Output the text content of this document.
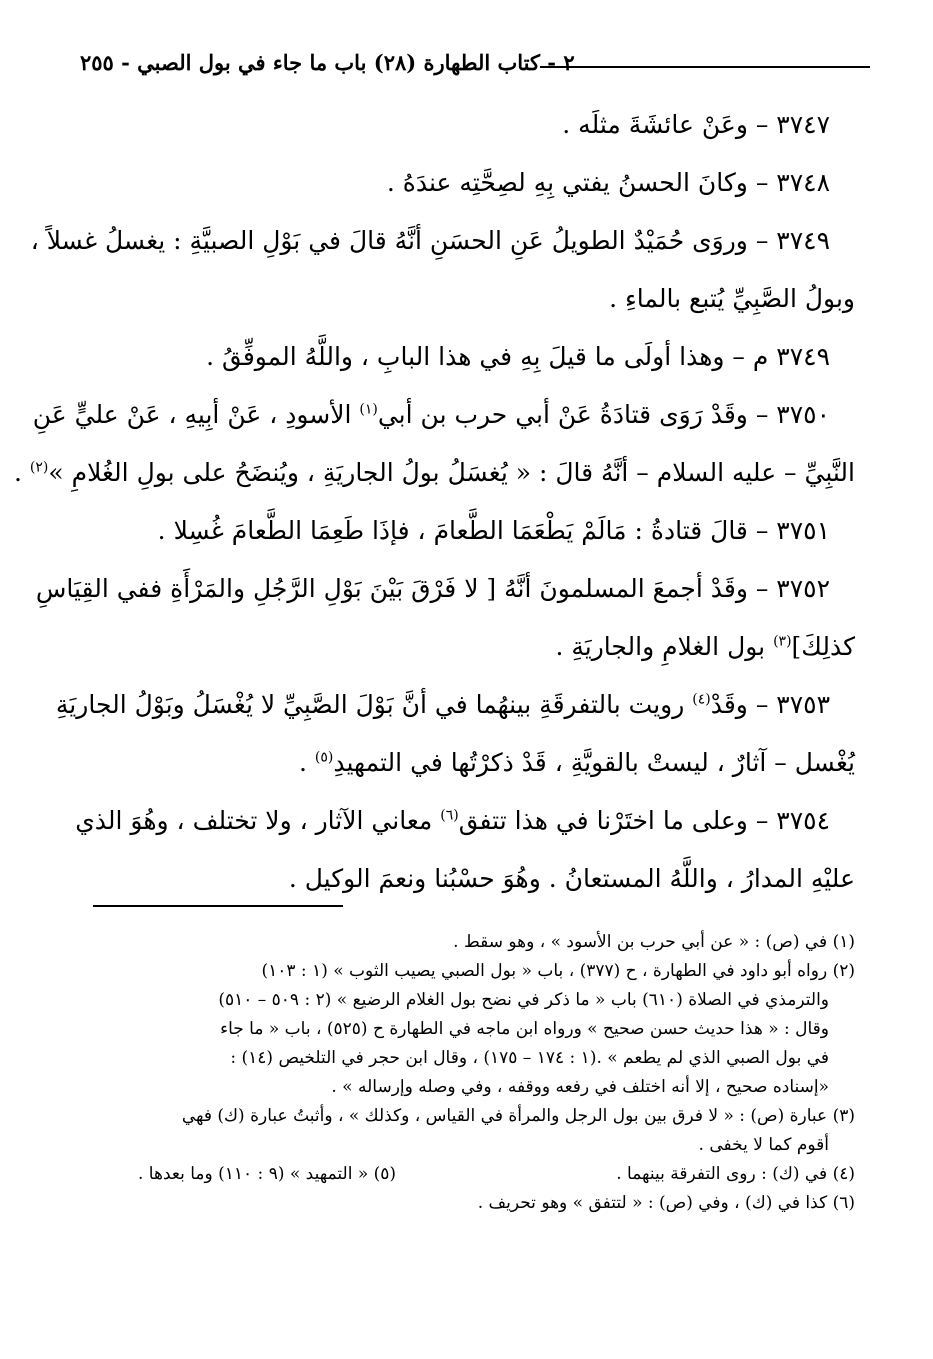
٢ - كتاب الطهارة (٢٨) باب ما جاء في بول الصبي - ٢٥٥

٣٧٤٧ – وعَنْ عائشَةَ مثلَه .

٣٧٤٨ – وكانَ الحسنُ يفتي بِهِ لصِحَّتِه عندَهُ .

٣٧٤٩ – وروَى حُمَيْدٌ الطويلُ عَنِ الحسَنِ أنَّهُ قالَ في بَوْلِ الصبيَّةِ : يغسلُ غسلاً ،

وبولُ الصَّبِيِّ يُتبع بالماءِ .

٣٧٤٩ م – وهذا أولَى ما قيلَ بِهِ في هذا البابِ ، واللَّهُ الموفِّقُ .

٣٧٥٠ – وقَدْ رَوَى قتادَةُ عَنْ أبي حرب بن أبي$^{(١)}$ الأسودِ ، عَنْ أبِيهِ ، عَنْ عليٍّ عَنِ

النَّبِيِّ – عليه السلام – أنَّهُ قالَ : « يُغسَلُ بولُ الجاريَةِ ، ويُنضَحُ على بولِ الغُلامِ »$^{(٢)}$ .

٣٧٥١ – قالَ قتادةُ : مَالَمْ يَطْعَمَا الطَّعامَ ، فإذَا طَعِمَا الطَّعامَ غُسِلا .

٣٧٥٢ – وقَدْ أجمعَ المسلمونَ أنَّهُ [ لا فَرْقَ بَيْنَ بَوْلِ الرَّجُلِ والمَرْأَةِ ففي القِيَاسِ

كذلِكَ]$^{(٣)}$ بول الغلامِ والجاريَةِ .

٣٧٥٣ – وقَدْ$^{(٤)}$ رويت بالتفرقَةِ بينهُما في أنَّ بَوْلَ الصَّبِيِّ لا يُغْسَلُ وبَوْلُ الجاريَةِ

يُغْسل – آثارٌ ، ليستْ بالقويَّةِ ، قَدْ ذكرْتُها في التمهيدِ$^{(٥)}$ .

٣٧٥٤ – وعلى ما اختَرْنا في هذا تتفق$^{(٦)}$ معاني الآثار ، ولا تختلف ، وهُوَ الذي

عليْهِ المدارُ ، واللَّهُ المستعانُ . وهُوَ حسْبُنا ونعمَ الوكيل .

(١) في (ص) : « عن أبي حرب بن الأسود » ، وهو سقط .

(٢) رواه أبو داود في الطهارة ، ح (٣٧٧) ، باب « بول الصبي يصيب الثوب » (١ : ١٠٣)

والترمذي في الصلاة (٦١٠) باب « ما ذكر في نضح بول الغلام الرضيع » (٢ : ٥٠٩ – ٥١٠)

وقال : « هذا حديث حسن صحيح » ورواه ابن ماجه في الطهارة ح (٥٢٥) ، باب « ما جاء

في بول الصبي الذي لم يطعم » .(١ : ١٧٤ – ١٧٥) ، وقال ابن حجر في التلخيص (١٤) :

«إسناده صحيح ، إلا أنه اختلف في رفعه ووقفه ، وفي وصله وإرساله » .

(٣) عبارة (ص) : « لا فرق بين بول الرجل والمرأة في القياس ، وكذلك » ، وأثبتُ عبارة (ك) فهي

أقوم كما لا يخفى .

(٤) في (ك) : روى التفرقة بينهما .

(٥) « التمهيد » (٩ : ١١٠) وما بعدها .

(٦) كذا في (ك) ، وفي (ص) : « لتتفق » وهو تحريف .
